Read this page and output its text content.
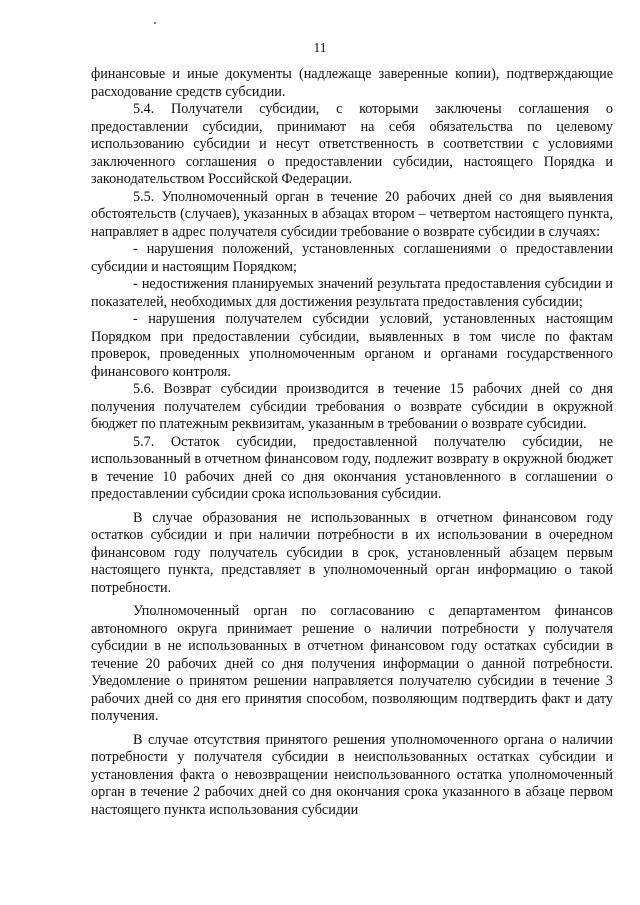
11

финансовые и иные документы (надлежаще заверенные копии), подтверждающие расходование средств субсидии.

5.4. Получатели субсидии, с которыми заключены соглашения о предоставлении субсидии, принимают на себя обязательства по целевому использованию субсидии и несут ответственность в соответствии с условиями заключенного соглашения о предоставлении субсидии, настоящего Порядка и законодательством Российской Федерации.

5.5. Уполномоченный орган в течение 20 рабочих дней со дня выявления обстоятельств (случаев), указанных в абзацах втором – четвертом настоящего пункта, направляет в адрес получателя субсидии требование о возврате субсидии в случаях:

- нарушения положений, установленных соглашениями о предоставлении субсидии и настоящим Порядком;

- недостижения планируемых значений результата предоставления субсидии и показателей, необходимых для достижения результата предоставления субсидии;

- нарушения получателем субсидии условий, установленных настоящим Порядком при предоставлении субсидии, выявленных в том числе по фактам проверок, проведенных уполномоченным органом и органами государственного финансового контроля.

5.6. Возврат субсидии производится в течение 15 рабочих дней со дня получения получателем субсидии требования о возврате субсидии в окружной бюджет по платежным реквизитам, указанным в требовании о возврате субсидии.

5.7. Остаток субсидии, предоставленной получателю субсидии, не использованный в отчетном финансовом году, подлежит возврату в окружной бюджет в течение 10 рабочих дней со дня окончания установленного в соглашении о предоставлении субсидии срока использования субсидии.

В случае образования не использованных в отчетном финансовом году остатков субсидии и при наличии потребности в их использовании в очередном финансовом году получатель субсидии в срок, установленный абзацем первым настоящего пункта, представляет в уполномоченный орган информацию о такой потребности.

Уполномоченный орган по согласованию с департаментом финансов автономного округа принимает решение о наличии потребности у получателя субсидии в не использованных в отчетном финансовом году остатках субсидии в течение 20 рабочих дней со дня получения информации о данной потребности. Уведомление о принятом решении направляется получателю субсидии в течение 3 рабочих дней со дня его принятия способом, позволяющим подтвердить факт и дату получения.

В случае отсутствия принятого решения уполномоченного органа о наличии потребности у получателя субсидии в неиспользованных остатках субсидии и установления факта о невозвращении неиспользованного остатка уполномоченный орган в течение 2 рабочих дней со дня окончания срока указанного в абзаце первом настоящего пункта использования субсидии
